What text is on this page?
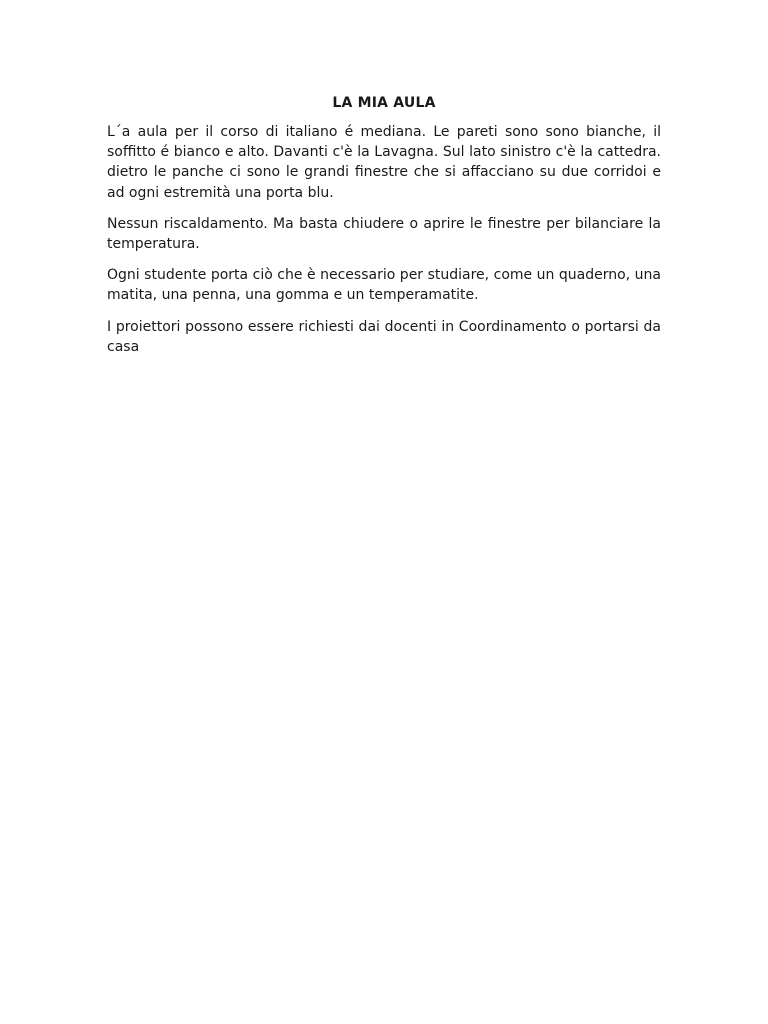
LA MIA AULA

L´a aula per il corso di italiano é mediana. Le pareti sono sono bianche, il soffitto é bianco e alto. Davanti c'è la Lavagna. Sul lato sinistro c'è la cattedra. dietro le panche ci sono le grandi finestre che si affacciano su due corridoi e ad ogni estremità una porta blu.

Nessun riscaldamento. Ma basta chiudere o aprire le finestre per bilanciare la temperatura.

Ogni studente porta ciò che è necessario per studiare, come un quaderno, una matita, una penna, una gomma e un temperamatite.

I proiettori possono essere richiesti dai docenti in Coordinamento o portarsi da casa
